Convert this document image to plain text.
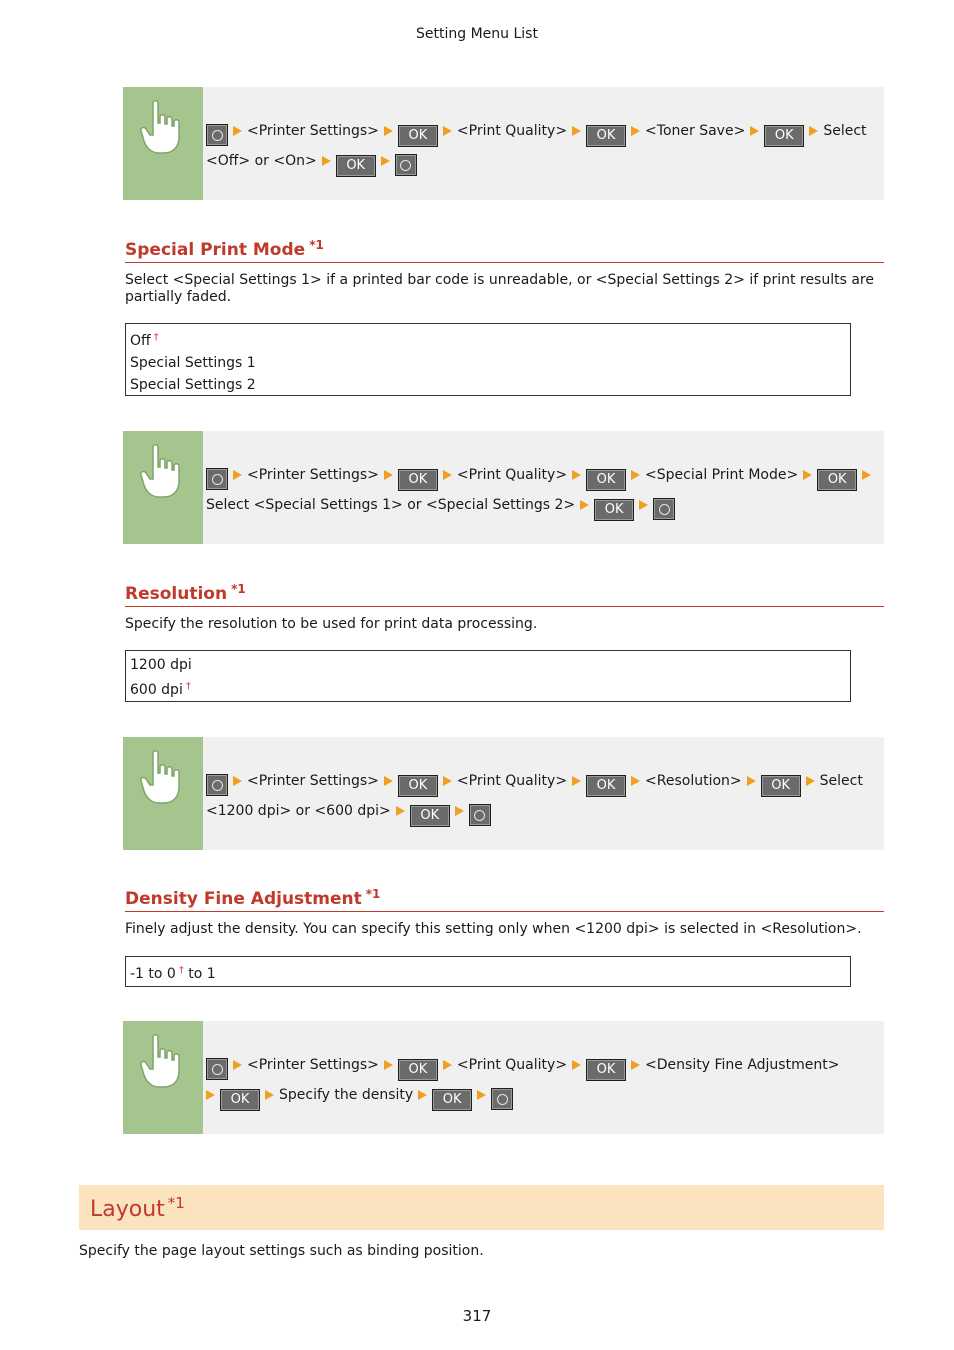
Setting Menu List
<Printer Settings> OK <Print Quality> OK <Toner Save> OK Select
<Off> or <On> OK
Special Print Mode $^{*1}$
Select <Special Settings 1> if a printed bar code is unreadable, or <Special Settings 2> if print results are partially faded.
Off †
Special Settings 1
Special Settings 2
<Printer Settings> OK <Print Quality> OK <Special Print Mode> OK
Select <Special Settings 1> or <Special Settings 2> OK
Resolution $^{*1}$
Specify the resolution to be used for print data processing.
1200 dpi
600 dpi †
<Printer Settings> OK <Print Quality> OK <Resolution> OK Select
<1200 dpi> or <600 dpi> OK
Density Fine Adjustment $^{*1}$
Finely adjust the density. You can specify this setting only when <1200 dpi> is selected in <Resolution>.
-1 to 0 † to 1
<Printer Settings> OK <Print Quality> OK <Density Fine Adjustment>
OK Specify the density OK
Layout $^{*1}$
Specify the page layout settings such as binding position.
317
